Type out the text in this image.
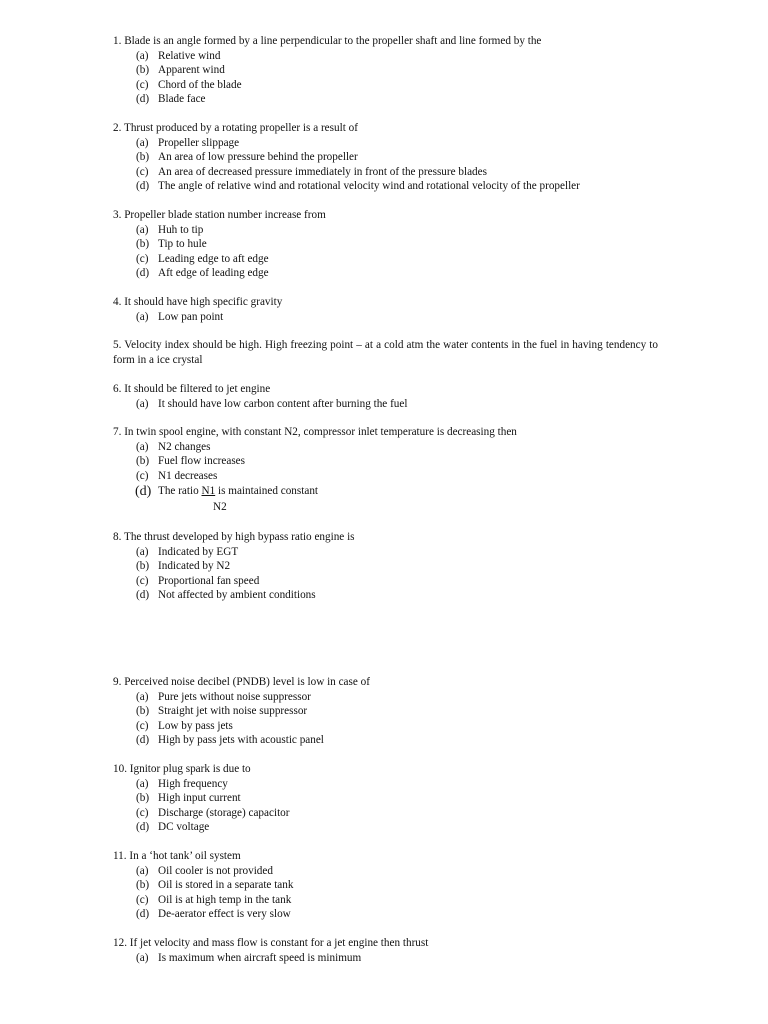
1. Blade is an angle formed by a line perpendicular to the propeller shaft and line formed by the
(a) Relative wind
(b) Apparent wind
(c) Chord of the blade
(d) Blade face
2. Thrust produced by a rotating propeller is a result of
(a) Propeller slippage
(b) An area of low pressure behind the propeller
(c) An area of decreased pressure immediately in front of the pressure blades
(d) The angle of relative wind and rotational velocity wind and rotational velocity of the propeller
3. Propeller blade station number increase from
(a) Huh to tip
(b) Tip to hule
(c) Leading edge to aft edge
(d) Aft edge of leading edge
4. It should have high specific gravity
(a) Low pan point
5. Velocity index should be high. High freezing point – at a cold atm the water contents in the fuel in having tendency to form in a ice crystal
6. It should be filtered to jet engine
(a) It should have low carbon content after burning the fuel
7. In twin spool engine, with constant N2, compressor inlet temperature is decreasing then
(a) N2 changes
(b) Fuel flow increases
(c) N1 decreases
(d) The ratio N1 is maintained constant
N2
8. The thrust developed by high bypass ratio engine is
(a) Indicated by EGT
(b) Indicated by N2
(c) Proportional fan speed
(d) Not affected by ambient conditions
9. Perceived noise decibel (PNDB) level is low in case of
(a) Pure jets without noise suppressor
(b) Straight jet with noise suppressor
(c) Low by pass jets
(d) High by pass jets with acoustic panel
10. Ignitor plug spark is due to
(a) High frequency
(b) High input current
(c) Discharge (storage) capacitor
(d) DC voltage
11. In a ‘hot tank’ oil system
(a) Oil cooler is not provided
(b) Oil is stored in a separate tank
(c) Oil is at high temp in the tank
(d) De-aerator effect is very slow
12. If jet velocity and mass flow is constant for a jet engine then thrust
(a) Is maximum when aircraft speed is minimum
